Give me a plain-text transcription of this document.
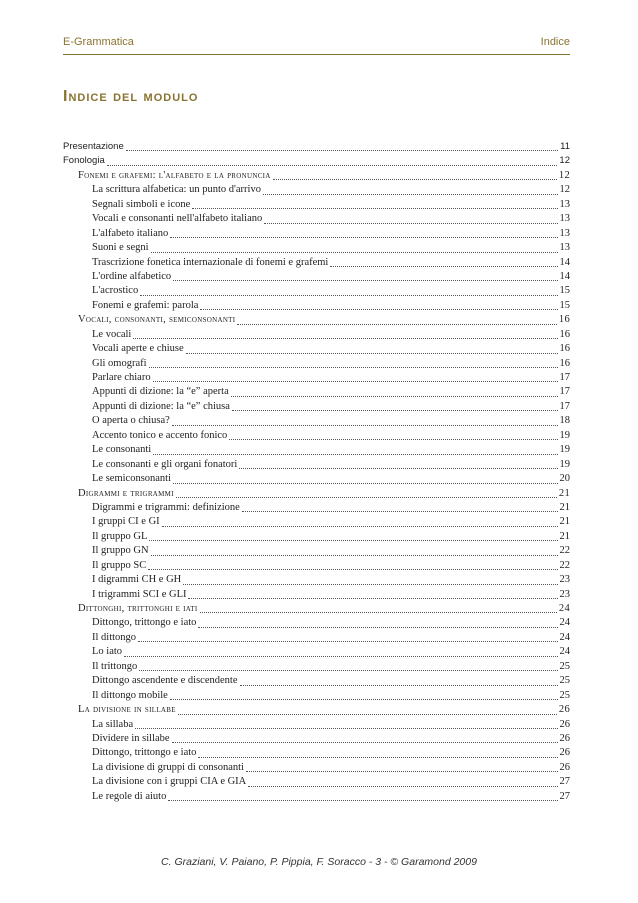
E-Grammatica	Indice
Indice del modulo
Presentazione	11
Fonologia	12
Fonemi e grafemi: l'alfabeto e la pronuncia	12
La scrittura alfabetica: un punto d'arrivo	12
Segnali simboli e icone	13
Vocali e consonanti nell'alfabeto italiano	13
L'alfabeto italiano	13
Suoni e segni	13
Trascrizione fonetica internazionale di fonemi e grafemi	14
L'ordine alfabetico	14
L'acrostico	15
Fonemi e grafemi: parola	15
Vocali, consonanti, semiconsonanti	16
Le vocali	16
Vocali aperte e chiuse	16
Gli omografi	16
Parlare chiaro	17
Appunti di dizione: la “e” aperta	17
Appunti di dizione: la “e” chiusa	17
O aperta o chiusa?	18
Accento tonico e accento fonico	19
Le consonanti	19
Le consonanti e gli organi fonatori	19
Le semiconsonanti	20
Digrammi e trigrammi	21
Digrammi e trigrammi: definizione	21
I gruppi CI e GI	21
Il gruppo GL	21
Il gruppo GN	22
Il gruppo SC	22
I digrammi CH e GH	23
I trigrammi SCI e GLI	23
Dittonghi, trittonghi e iati	24
Dittongo, trittongo e iato	24
Il dittongo	24
Lo iato	24
Il trittongo	25
Dittongo ascendente e discendente	25
Il dittongo mobile	25
La divisione in sillabe	26
La sillaba	26
Dividere in sillabe	26
Dittongo, trittongo e iato	26
La divisione di gruppi di consonanti	26
La divisione con i gruppi CIA e GIA	27
Le regole di aiuto	27
C. Graziani, V. Paiano, P. Pippia, F. Soracco - 3 - © Garamond 2009
